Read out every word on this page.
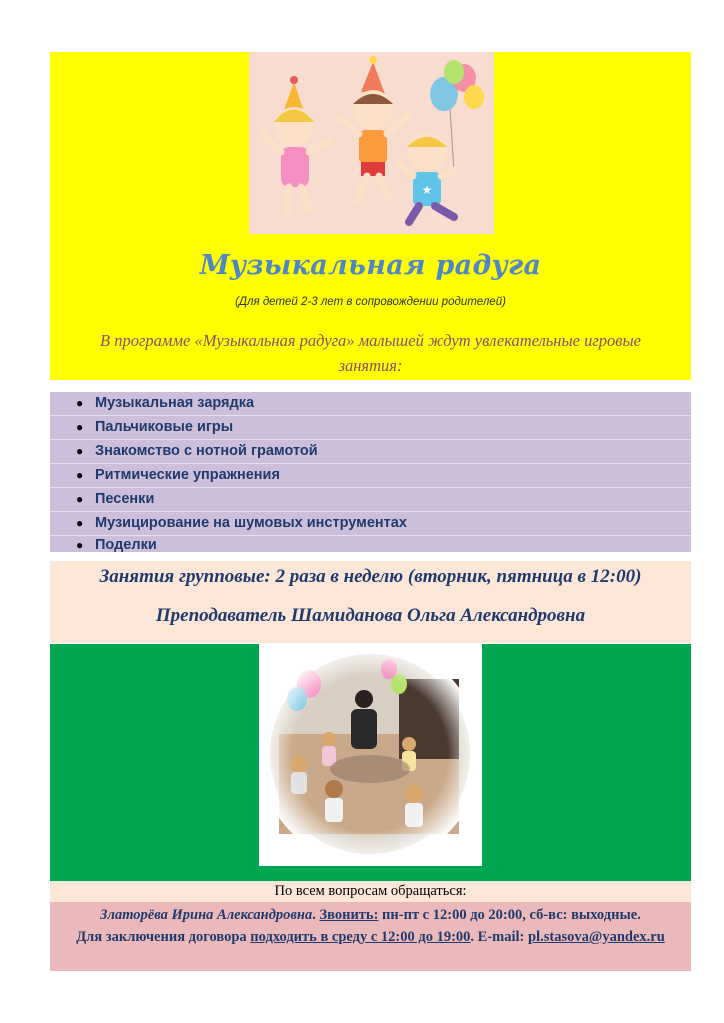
★
Музыкальная радуга
(Для детей 2-3 лет в сопровождении родителей)
В программе «Музыкальная радуга» малышей ждут увлекательные игровые занятия:
● Музыкальная зарядка
● Пальчиковые игры
● Знакомство с нотной грамотой
● Ритмические упражнения
● Песенки
● Музицирование на шумовых инструментах
● Поделки
Занятия групповые: 2 раза в неделю (вторник, пятница в 12:00)
Преподаватель Шамиданова Ольга Александровна
По всем вопросам обращаться:
Златорёва Ирина Александровна. Звонить: пн-пт с 12:00 до 20:00, сб-вс: выходные.
Для заключения договора подходить в среду с 12:00 до 19:00. E-mail: pl.stasova@yandex.ru
